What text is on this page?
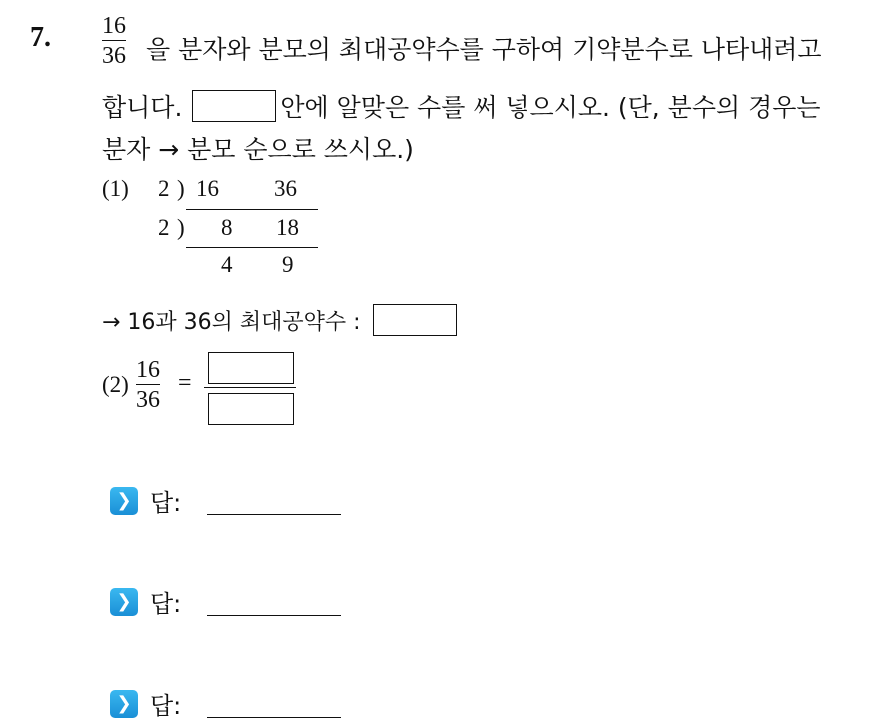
7. 16
36 을 분자와 분모의 최대공약수를 구하여 기약분수로 나타내려고
합니다.	안에 알맞은 수를 써 넣으시오. (단, 분수의 경우는
분자 → 분모 순으로 쓰시오.)
(1) 2 ) 16 36
2 ) 8 18
4 9
→ 16과 36의 최대공약수 :
(2)
16
36
=
❯ 답:
❯ 답:
❯ 답:
